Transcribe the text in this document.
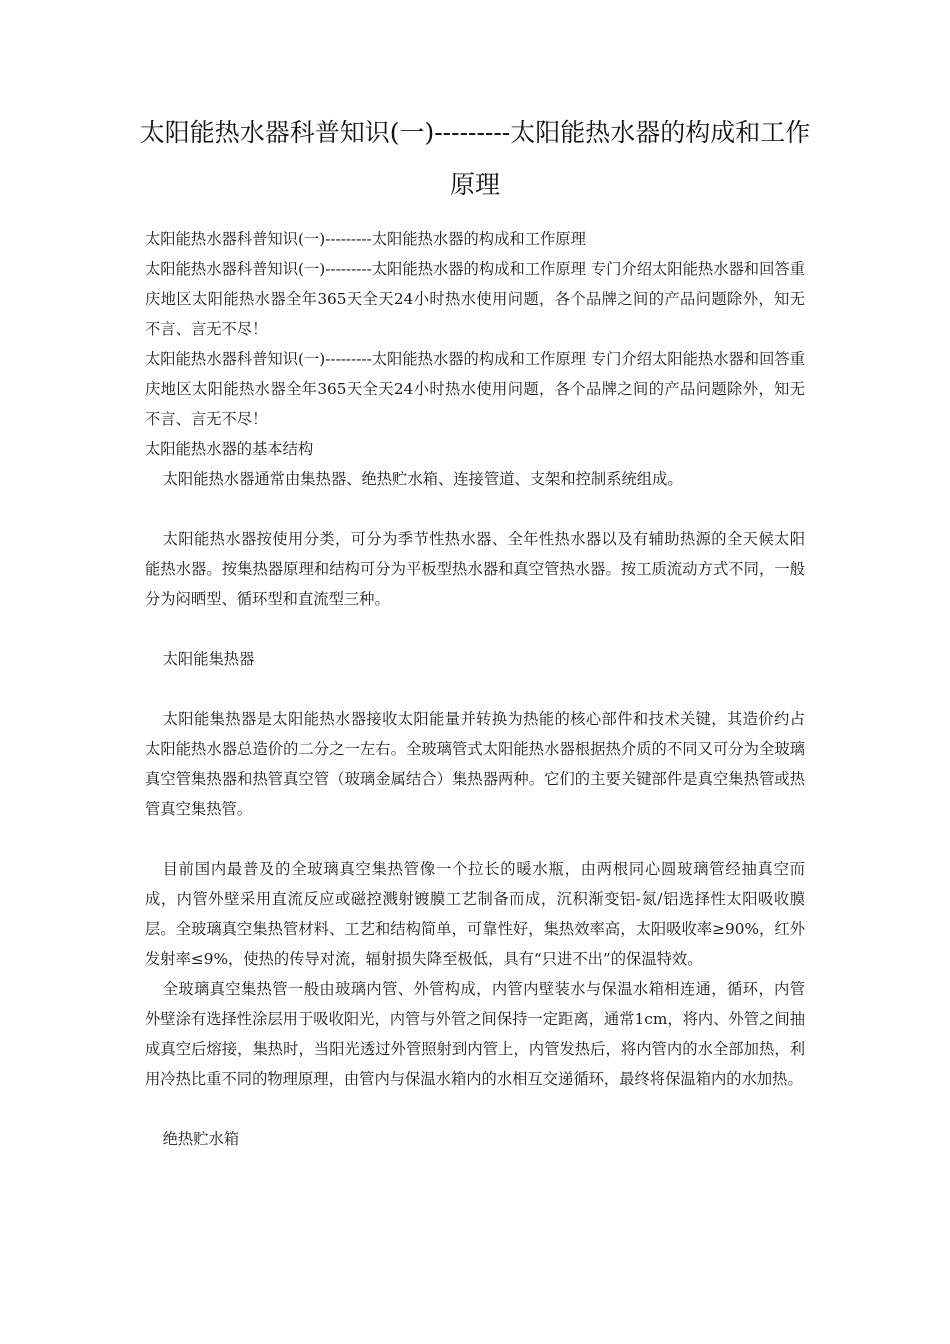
太阳能热水器科普知识(一)---------太阳能热水器的构成和工作
原理

太阳能热水器科普知识(一)---------太阳能热水器的构成和工作原理

太阳能热水器科普知识(一)---------太阳能热水器的构成和工作原理 专门介绍太阳能热水器和回答重庆地区太阳能热水器全年365天全天24小时热水使用问题，各个品牌之间的产品问题除外，知无不言、言无不尽！

太阳能热水器科普知识(一)---------太阳能热水器的构成和工作原理 专门介绍太阳能热水器和回答重庆地区太阳能热水器全年365天全天24小时热水使用问题，各个品牌之间的产品问题除外，知无不言、言无不尽！

太阳能热水器的基本结构

太阳能热水器通常由集热器、绝热贮水箱、连接管道、支架和控制系统组成。

太阳能热水器按使用分类，可分为季节性热水器、全年性热水器以及有辅助热源的全天候太阳能热水器。按集热器原理和结构可分为平板型热水器和真空管热水器。按工质流动方式不同，一般分为闷晒型、循环型和直流型三种。

太阳能集热器

太阳能集热器是太阳能热水器接收太阳能量并转换为热能的核心部件和技术关键，其造价约占太阳能热水器总造价的二分之一左右。全玻璃管式太阳能热水器根据热介质的不同又可分为全玻璃真空管集热器和热管真空管（玻璃金属结合）集热器两种。它们的主要关键部件是真空集热管或热管真空集热管。

目前国内最普及的全玻璃真空集热管像一个拉长的暖水瓶，由两根同心圆玻璃管经抽真空而成，内管外壁采用直流反应或磁控溅射镀膜工艺制备而成，沉积渐变铝-氮/铝选择性太阳吸收膜层。全玻璃真空集热管材料、工艺和结构简单，可靠性好，集热效率高，太阳吸收率≥90%，红外发射率≤9%，使热的传导对流，辐射损失降至极低，具有“只进不出”的保温特效。

全玻璃真空集热管一般由玻璃内管、外管构成，内管内壁装水与保温水箱相连通，循环，内管外壁涂有选择性涂层用于吸收阳光，内管与外管之间保持一定距离，通常1cm，将内、外管之间抽成真空后熔接，集热时，当阳光透过外管照射到内管上，内管发热后，将内管内的水全部加热，利用冷热比重不同的物理原理，由管内与保温水箱内的水相互交递循环，最终将保温箱内的水加热。

绝热贮水箱
